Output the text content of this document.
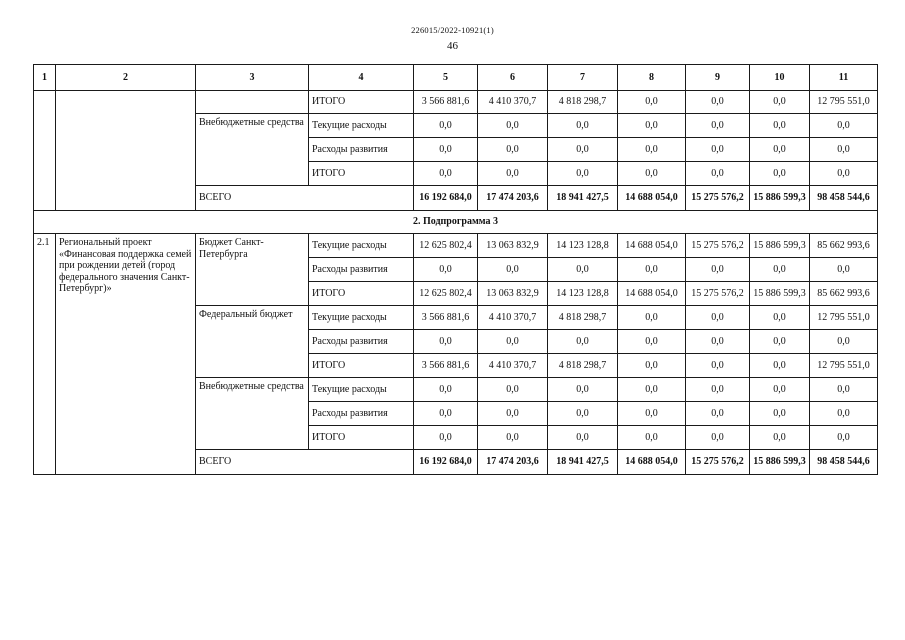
226015/2022-10921(1)
46
1	2	3	4	5	6	7	8	9	10	11
			ИТОГО	3 566 881,6	4 410 370,7	4 818 298,7	0,0	0,0	0,0	12 795 551,0
		Внебюджетные средства	Текущие расходы	0,0	0,0	0,0	0,0	0,0	0,0	0,0
			Расходы развития	0,0	0,0	0,0	0,0	0,0	0,0	0,0
			ИТОГО	0,0	0,0	0,0	0,0	0,0	0,0	0,0
		ВСЕГО		16 192 684,0	17 474 203,6	18 941 427,5	14 688 054,0	15 275 576,2	15 886 599,3	98 458 544,6
2. Подпрограмма 3										
2.1	Региональный проект «Финансовая поддержка семей при рождении детей (город федерального значения Санкт-Петербург)»	Бюджет Санкт-Петербурга	Текущие расходы	12 625 802,4	13 063 832,9	14 123 128,8	14 688 054,0	15 275 576,2	15 886 599,3	85 662 993,6
			Расходы развития	0,0	0,0	0,0	0,0	0,0	0,0	0,0
			ИТОГО	12 625 802,4	13 063 832,9	14 123 128,8	14 688 054,0	15 275 576,2	15 886 599,3	85 662 993,6
		Федеральный бюджет	Текущие расходы	3 566 881,6	4 410 370,7	4 818 298,7	0,0	0,0	0,0	12 795 551,0
			Расходы развития	0,0	0,0	0,0	0,0	0,0	0,0	0,0
			ИТОГО	3 566 881,6	4 410 370,7	4 818 298,7	0,0	0,0	0,0	12 795 551,0
		Внебюджетные средства	Текущие расходы	0,0	0,0	0,0	0,0	0,0	0,0	0,0
			Расходы развития	0,0	0,0	0,0	0,0	0,0	0,0	0,0
			ИТОГО	0,0	0,0	0,0	0,0	0,0	0,0	0,0
		ВСЕГО		16 192 684,0	17 474 203,6	18 941 427,5	14 688 054,0	15 275 576,2	15 886 599,3	98 458 544,6
